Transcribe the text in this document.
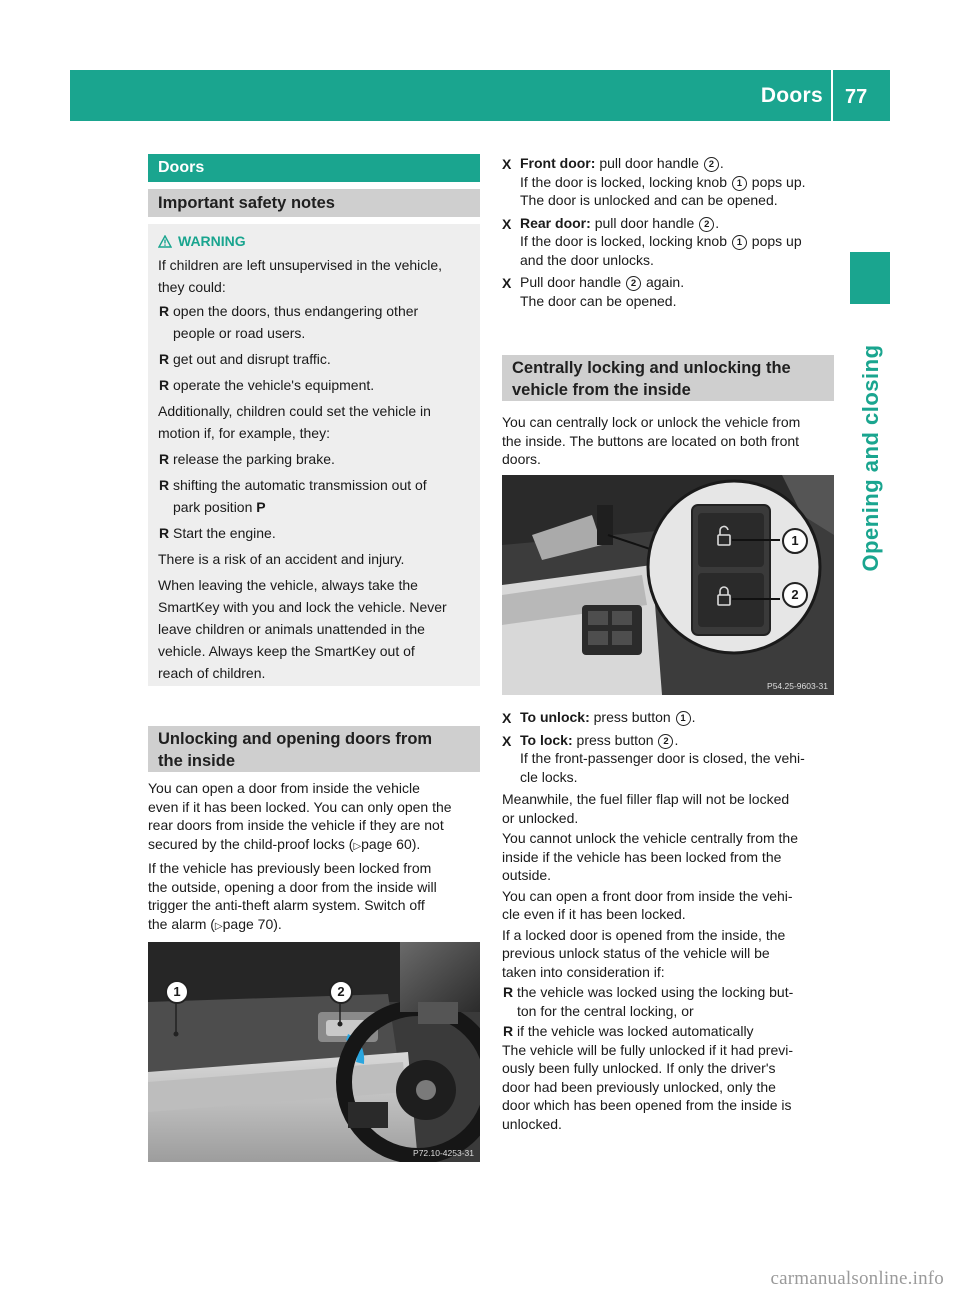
Doors 77
Opening and closing
Doors
Important safety notes
WARNING
If children are left unsupervised in the vehicle,
they could:
R open the doors, thus endangering other
people or road users.
R get out and disrupt traffic.
R operate the vehicle's equipment.
Additionally, children could set the vehicle in
motion if, for example, they:
R release the parking brake.
R shifting the automatic transmission out of
park position P
R Start the engine.
There is a risk of an accident and injury.
When leaving the vehicle, always take the
SmartKey with you and lock the vehicle. Never
leave children or animals unattended in the
vehicle. Always keep the SmartKey out of
reach of children.
Unlocking and opening doors from
the inside
You can open a door from inside the vehicle
even if it has been locked. You can only open the
rear doors from inside the vehicle if they are not
secured by the child-proof locks (▷page 60).
If the vehicle has previously been locked from
the outside, opening a door from the inside will
trigger the anti-theft alarm system. Switch off
the alarm (▷page 70).
1	2
P72.10-4253-31
X Front door: pull door handle 2 .
If the door is locked, locking knob 1 pops up.
The door is unlocked and can be opened.
X Rear door: pull door handle 2 .
If the door is locked, locking knob 1 pops up
and the door unlocks.
X Pull door handle 2 again.
The door can be opened.
Centrally locking and unlocking the
vehicle from the inside
You can centrally lock or unlock the vehicle from
the inside. The buttons are located on both front
doors.
1
2
P54.25-9603-31
X To unlock: press button 1 .
X To lock: press button 2 .
If the front-passenger door is closed, the vehi-
cle locks.
Meanwhile, the fuel filler flap will not be locked
or unlocked.
You cannot unlock the vehicle centrally from the
inside if the vehicle has been locked from the
outside.
You can open a front door from inside the vehi-
cle even if it has been locked.
If a locked door is opened from the inside, the
previous unlock status of the vehicle will be
taken into consideration if:
R the vehicle was locked using the locking but-
ton for the central locking, or
R if the vehicle was locked automatically
The vehicle will be fully unlocked if it had previ-
ously been fully unlocked. If only the driver's
door had been previously unlocked, only the
door which has been opened from the inside is
unlocked.
carmanualsonline.info
